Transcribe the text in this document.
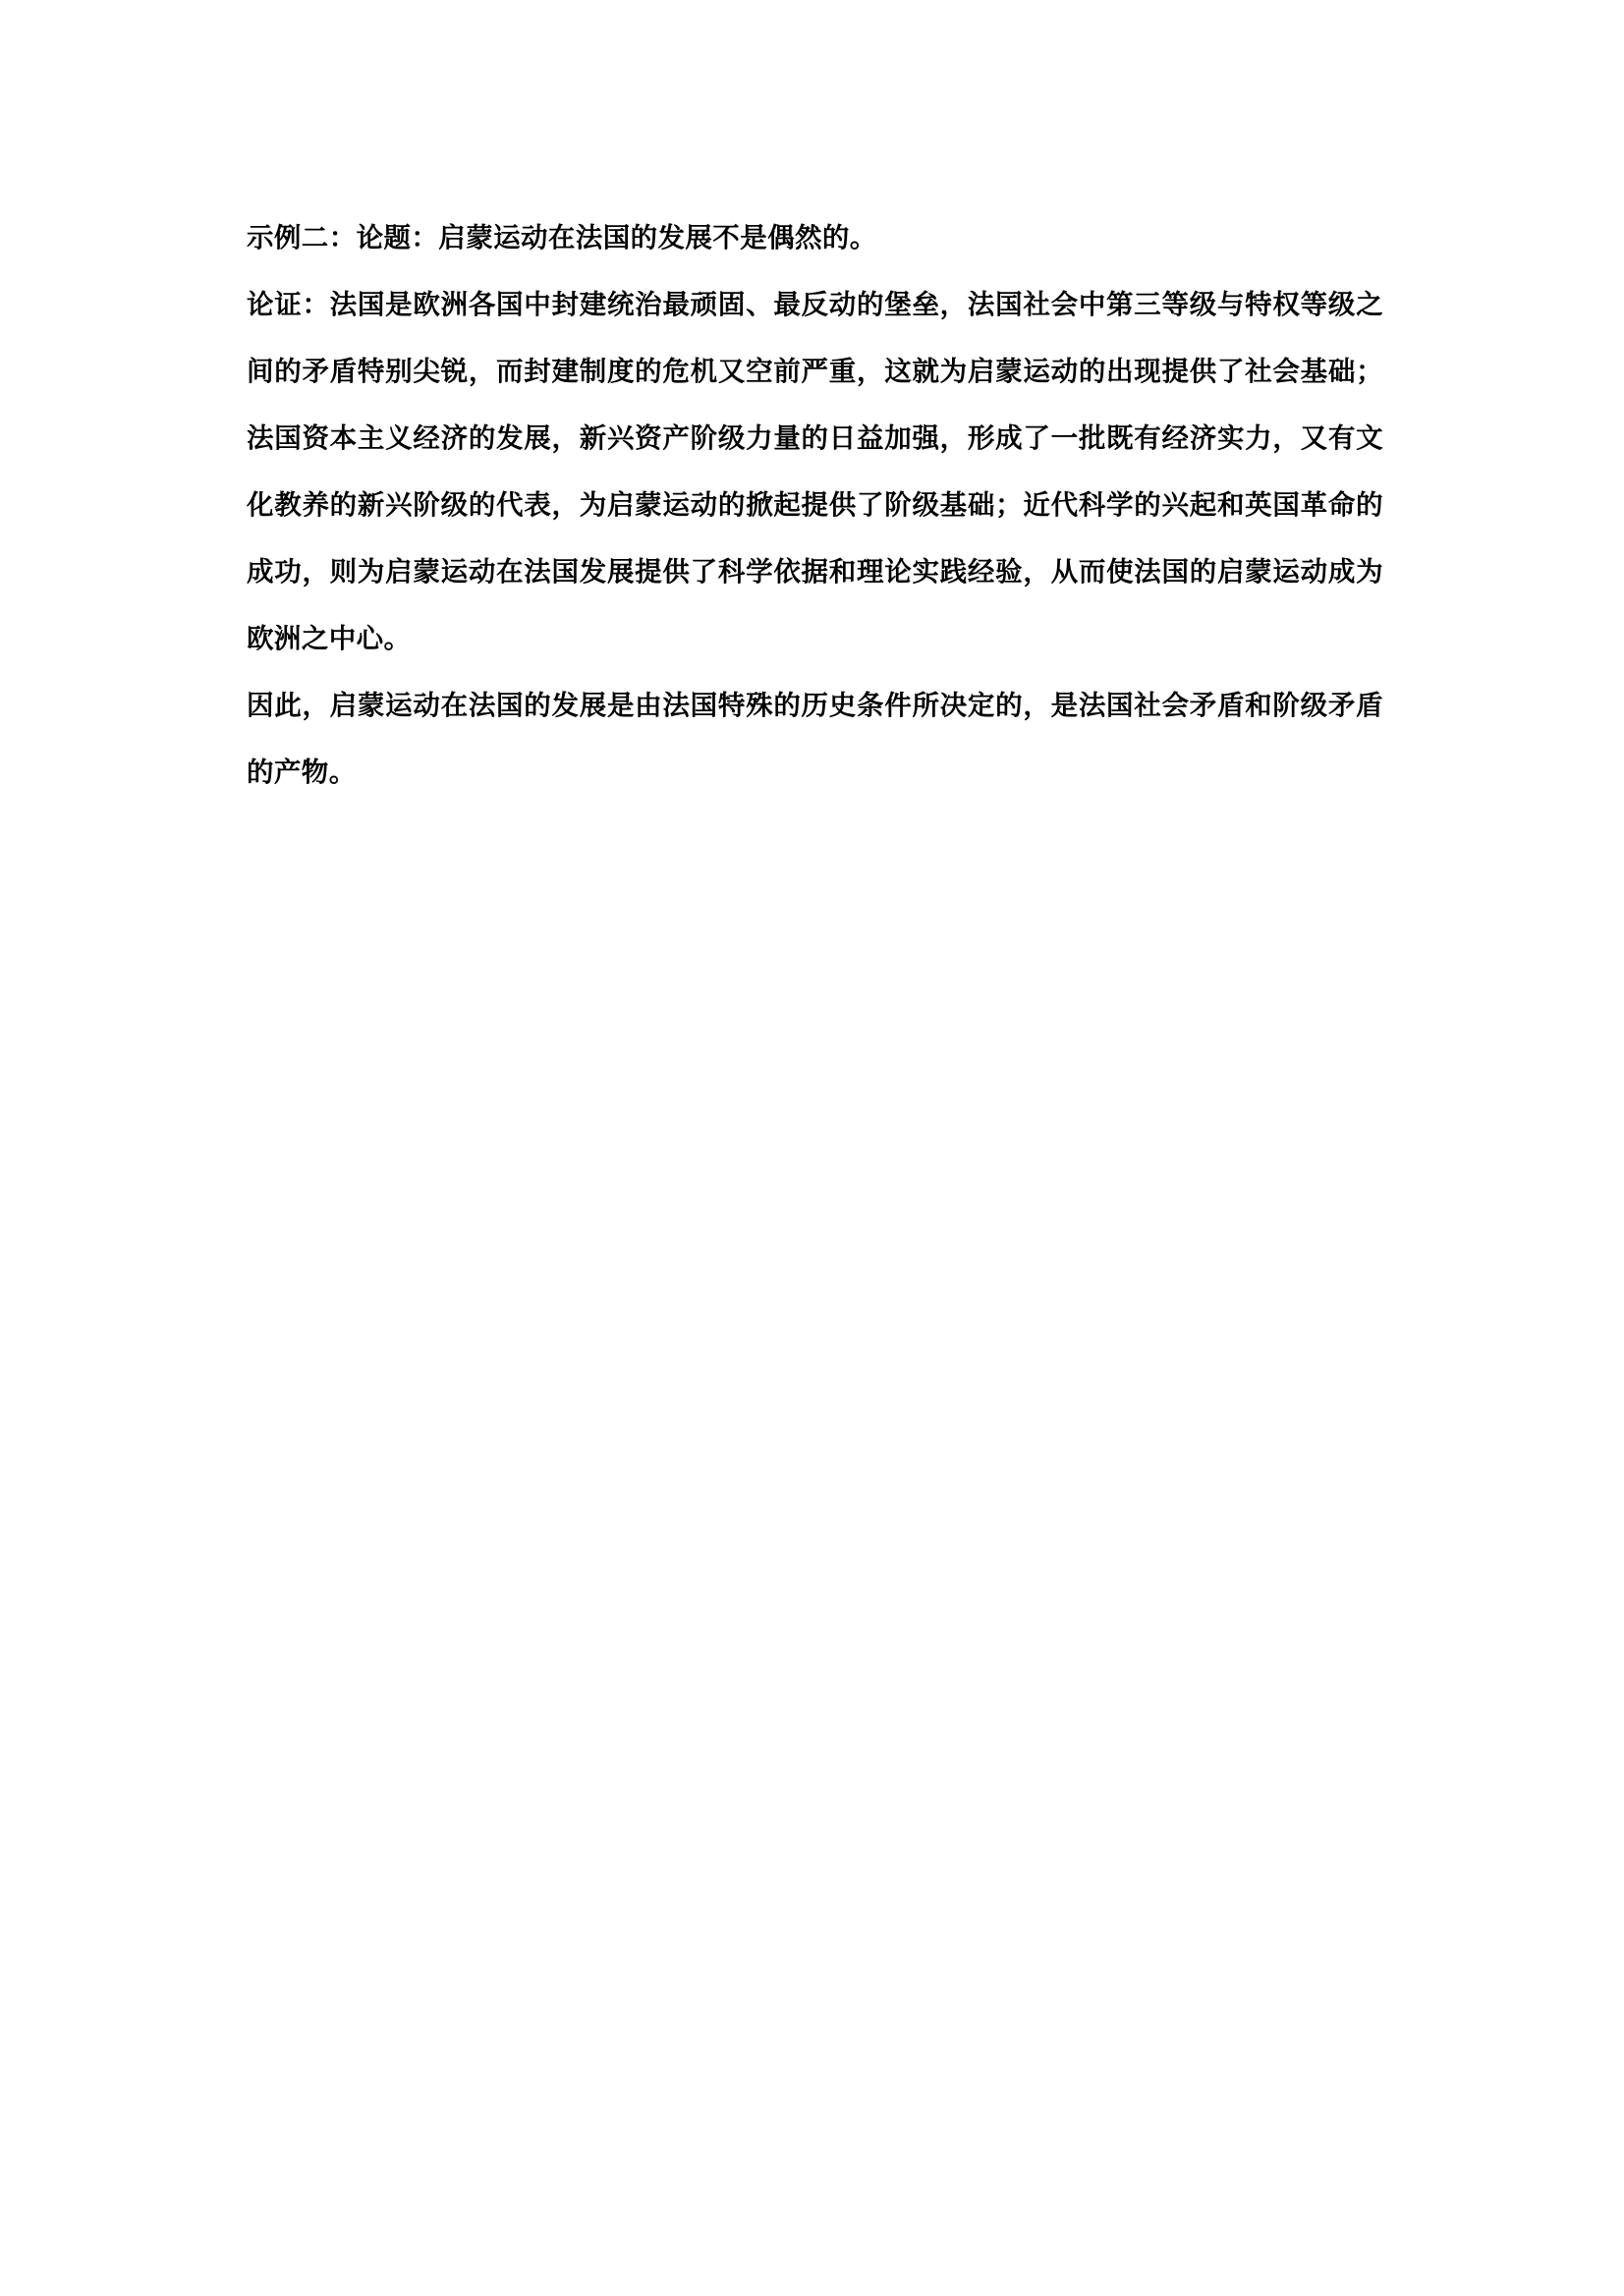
示例二：论题：启蒙运动在法国的发展不是偶然的。

论证：法国是欧洲各国中封建统治最顽固、最反动的堡垒，法国社会中第三等级与特权等级之间的矛盾特别尖锐，而封建制度的危机又空前严重，这就为启蒙运动的出现提供了社会基础；法国资本主义经济的发展，新兴资产阶级力量的日益加强，形成了一批既有经济实力，又有文化教养的新兴阶级的代表，为启蒙运动的掀起提供了阶级基础；近代科学的兴起和英国革命的成功，则为启蒙运动在法国发展提供了科学依据和理论实践经验，从而使法国的启蒙运动成为欧洲之中心。

因此，启蒙运动在法国的发展是由法国特殊的历史条件所决定的，是法国社会矛盾和阶级矛盾的产物。
